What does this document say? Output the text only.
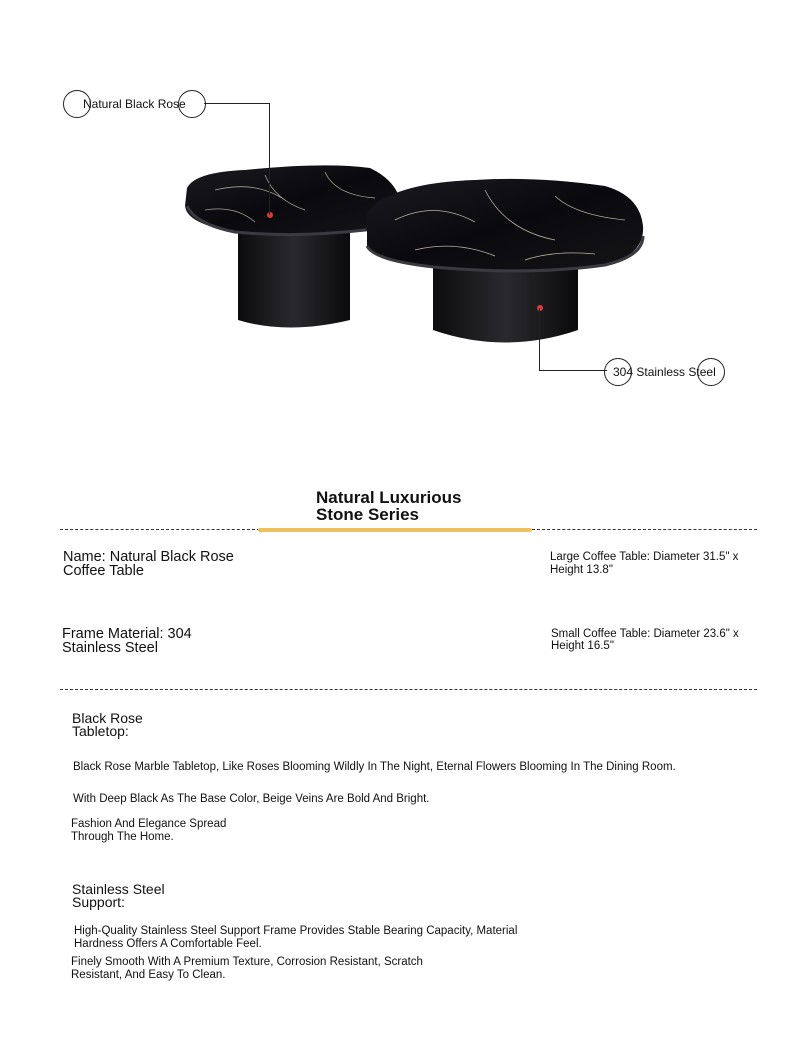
Natural Black Rose
304 Stainless Steel
Natural Luxurious
Stone Series
Name: Natural Black Rose
Coffee Table
Large Coffee Table: Diameter 31.5" x
Height 13.8"
Frame Material: 304
Stainless Steel
Small Coffee Table: Diameter 23.6" x
Height 16.5"
Black Rose
Tabletop:
Black Rose Marble Tabletop, Like Roses Blooming Wildly In The Night, Eternal Flowers Blooming In The Dining Room.
With Deep Black As The Base Color, Beige Veins Are Bold And Bright.
Fashion And Elegance Spread
Through The Home.
Stainless Steel
Support:
High-Quality Stainless Steel Support Frame Provides Stable Bearing Capacity, Material
Hardness Offers A Comfortable Feel.
Finely Smooth With A Premium Texture, Corrosion Resistant, Scratch
Resistant, And Easy To Clean.
